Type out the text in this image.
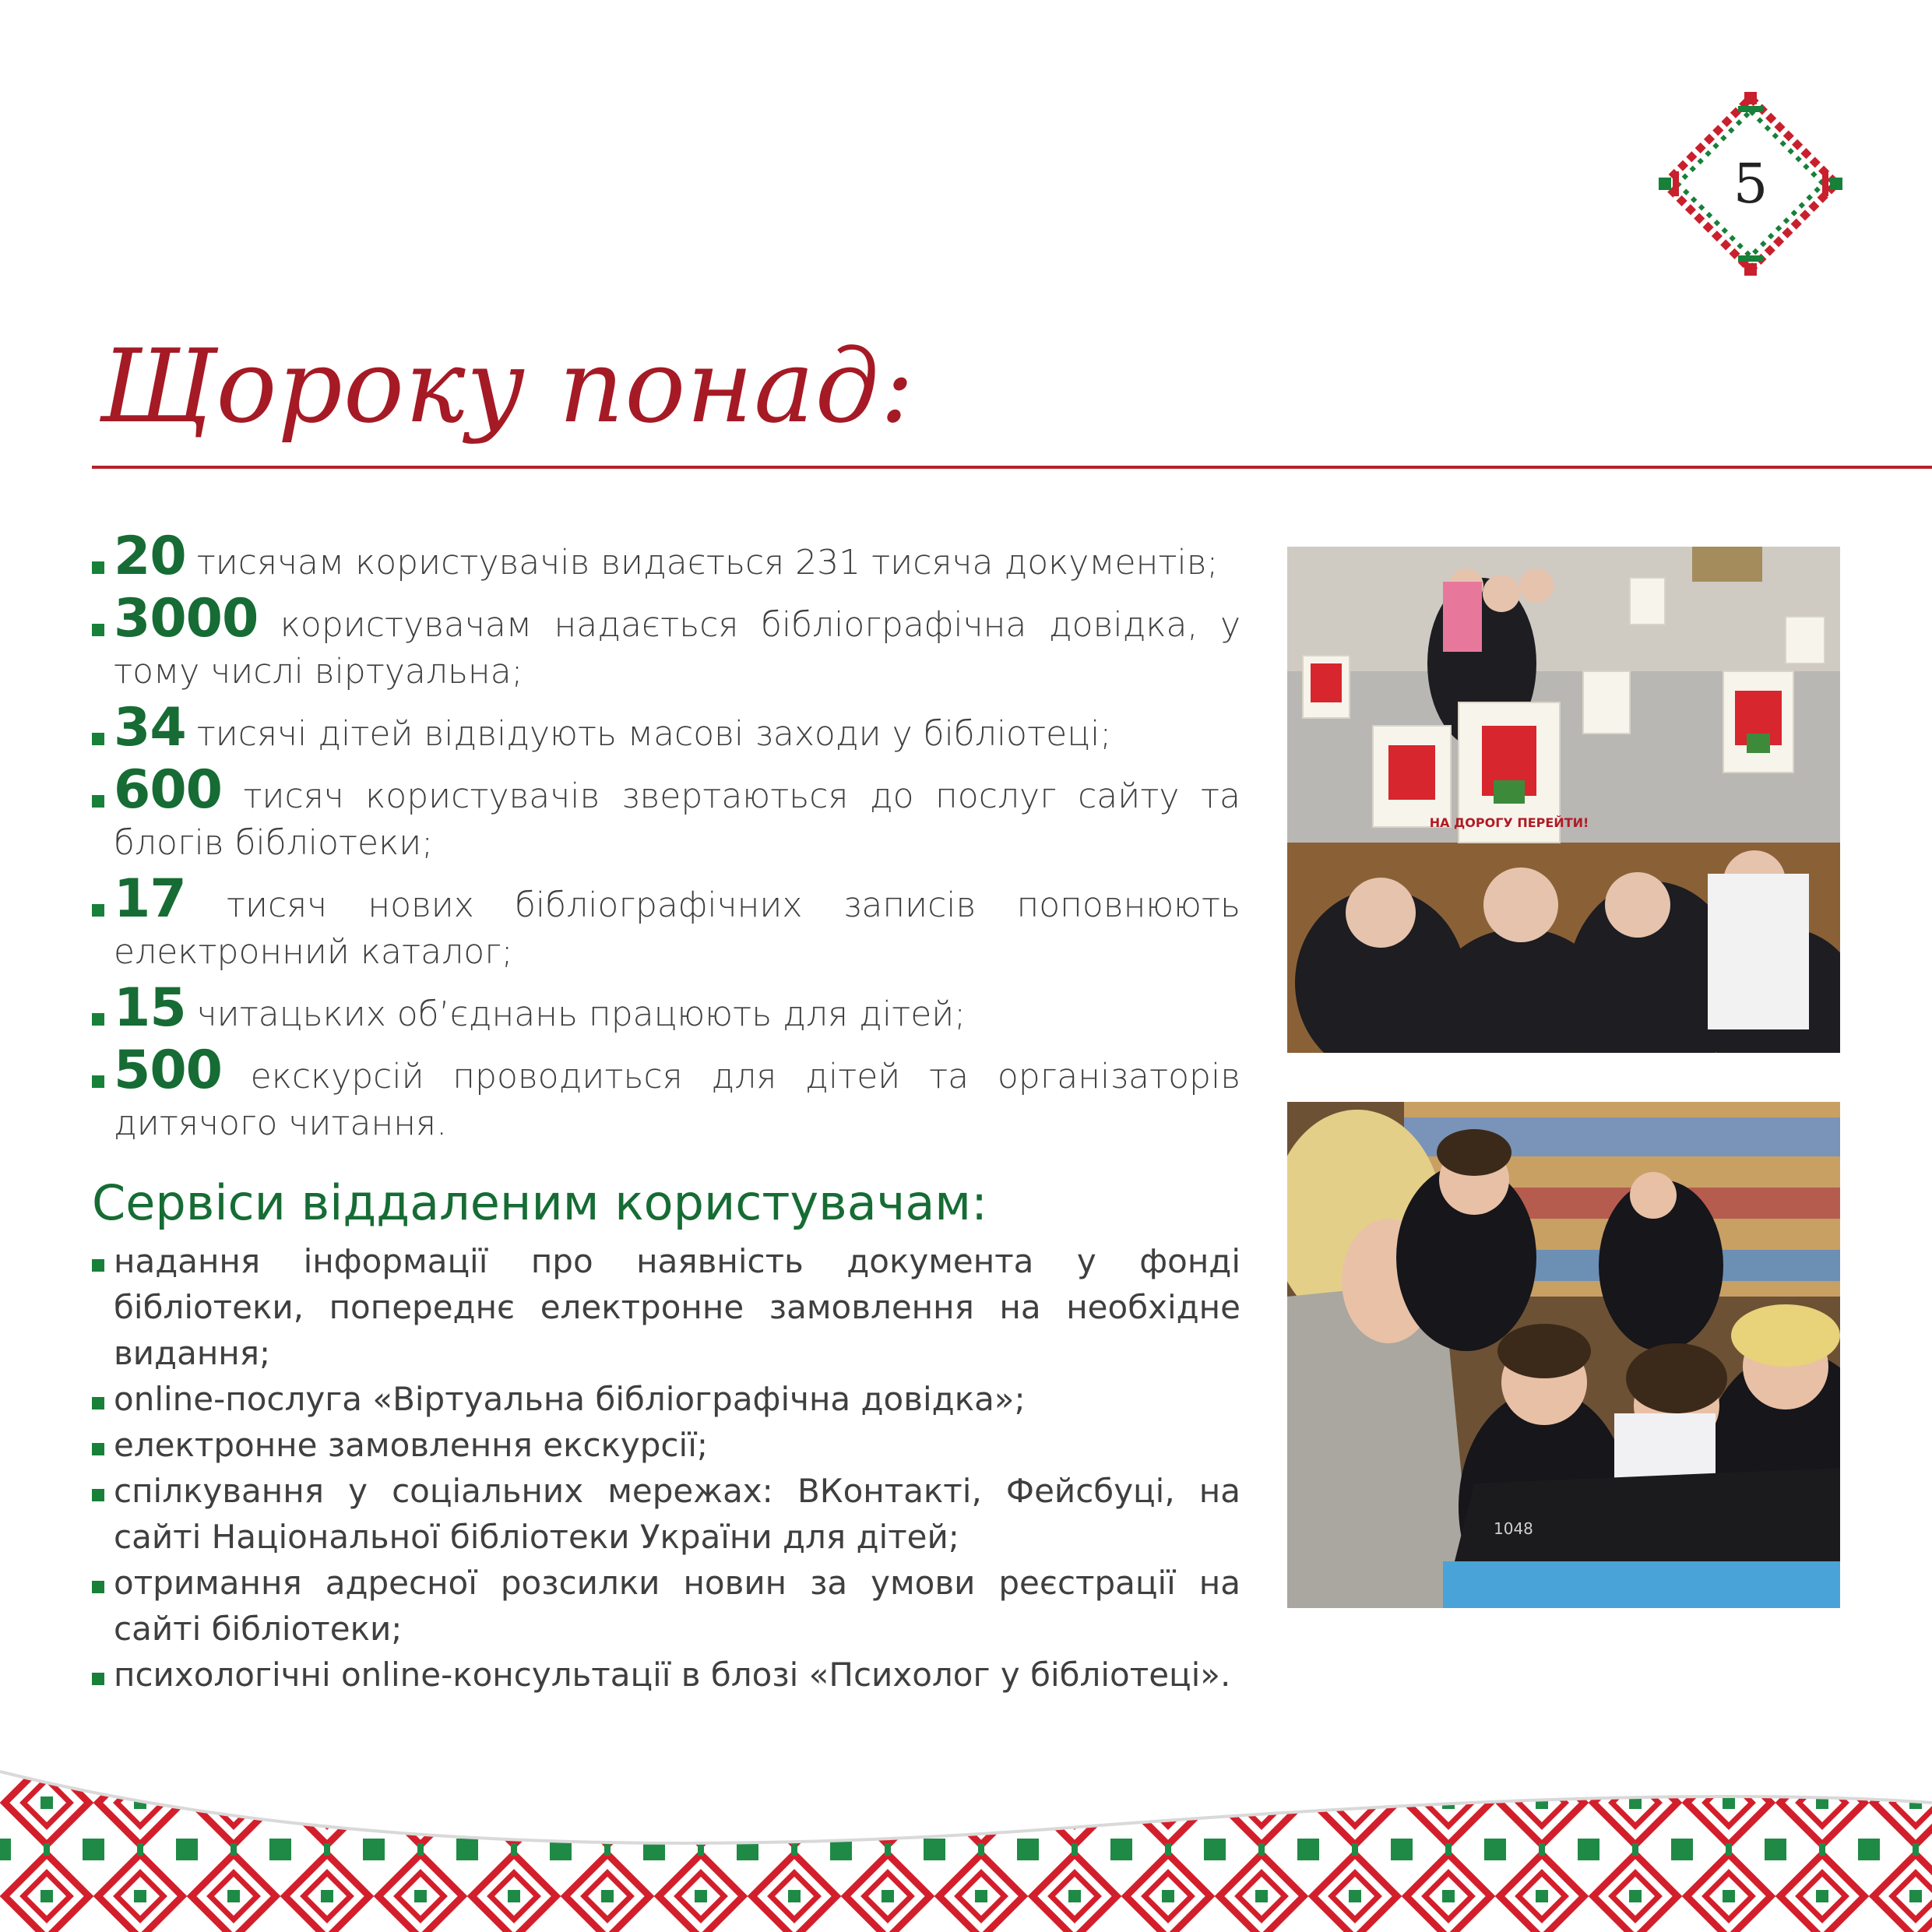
5
Щороку понад:
20 тисячам користувачів видається 231 тисяча документів;
3000 користувачам надається бібліографічна довідка, у тому числі віртуальна;
34 тисячі дітей відвідують масові заходи у бібліотеці;
600 тисяч користувачів звертаються до послуг сайту та блогів бібліотеки;
17 тисяч нових бібліографічних записів поповнюють електронний каталог;
15 читацьких об’єднань працюють для дітей;
500 екскурсій проводиться для дітей та організаторів дитячого читання.
Сервіси віддаленим користувачам:
надання інформації про наявність документа у фонді бібліотеки, попереднє електронне замовлення на необхідне видання;
online-послуга «Віртуальна бібліографічна довідка»;
електронне замовлення екскурсії;
спілкування у соціальних мережах: ВКонтакті, Фейсбуці, на сайті Національної бібліотеки України для дітей;
отримання адресної розсилки новин за умови реєстрації на сайті бібліотеки;
психологічні online-консультації в блозі «Психолог у бібліотеці».
НА ДОРОГУ ПЕРЕЙТИ!
1048
